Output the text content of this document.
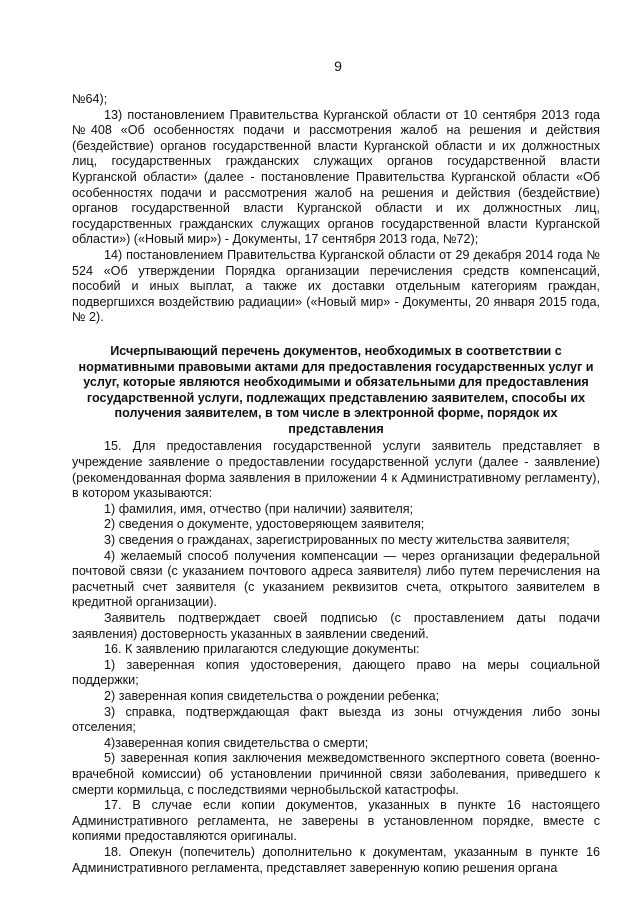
9

№64);

13) постановлением Правительства Курганской области от 10 сентября 2013 года №408 «Об особенностях подачи и рассмотрения жалоб на решения и действия (бездействие) органов государственной власти Курганской области и их должностных лиц, государственных гражданских служащих органов государственной власти Курганской области» (далее - постановление Правительства Курганской области «Об особенностях подачи и рассмотрения жалоб на решения и действия (бездействие) органов государственной власти Курганской области и их должностных лиц, государственных гражданских служащих органов государственной власти Курганской области») («Новый мир») - Документы, 17 сентября 2013 года, №72);

14) постановлением Правительства Курганской области от 29 декабря 2014 года № 524 «Об утверждении Порядка организации перечисления средств компенсаций, пособий и иных выплат, а также их доставки отдельным категориям граждан, подвергшихся воздействию радиации» («Новый мир» - Документы, 20 января 2015 года, № 2).

Исчерпывающий перечень документов, необходимых в соответствии с нормативными правовыми актами для предоставления государственных услуг и услуг, которые являются необходимыми и обязательными для предоставления государственной услуги, подлежащих представлению заявителем, способы их получения заявителем, в том числе в электронной форме, порядок их представления

15. Для предоставления государственной услуги заявитель представляет в учреждение заявление о предоставлении государственной услуги (далее - заявление) (рекомендованная форма заявления в приложении 4 к Административному регламенту), в котором указываются:

1) фамилия, имя, отчество (при наличии) заявителя;

2) сведения о документе, удостоверяющем заявителя;

3) сведения о гражданах, зарегистрированных по месту жительства заявителя;

4) желаемый способ получения компенсации — через организации федеральной почтовой связи (с указанием почтового адреса заявителя) либо путем перечисления на расчетный счет заявителя (с указанием реквизитов счета, открытого заявителем в кредитной организации).

Заявитель подтверждает своей подписью (с проставлением даты подачи заявления) достоверность указанных в заявлении сведений.

16. К заявлению прилагаются следующие документы:

1) заверенная копия удостоверения, дающего право на меры социальной поддержки;

2) заверенная копия свидетельства о рождении ребенка;

3) справка, подтверждающая факт выезда из зоны отчуждения либо зоны отселения;

4)заверенная копия свидетельства о смерти;

5) заверенная копия заключения межведомственного экспертного совета (военно-врачебной комиссии) об установлении причинной связи заболевания, приведшего к смерти кормильца, с последствиями чернобыльской катастрофы.

17. В случае если копии документов, указанных в пункте 16 настоящего Административного регламента, не заверены в установленном порядке, вместе с копиями предоставляются оригиналы.

18. Опекун (попечитель) дополнительно к документам, указанным в пункте 16 Административного регламента, представляет заверенную копию решения органа
